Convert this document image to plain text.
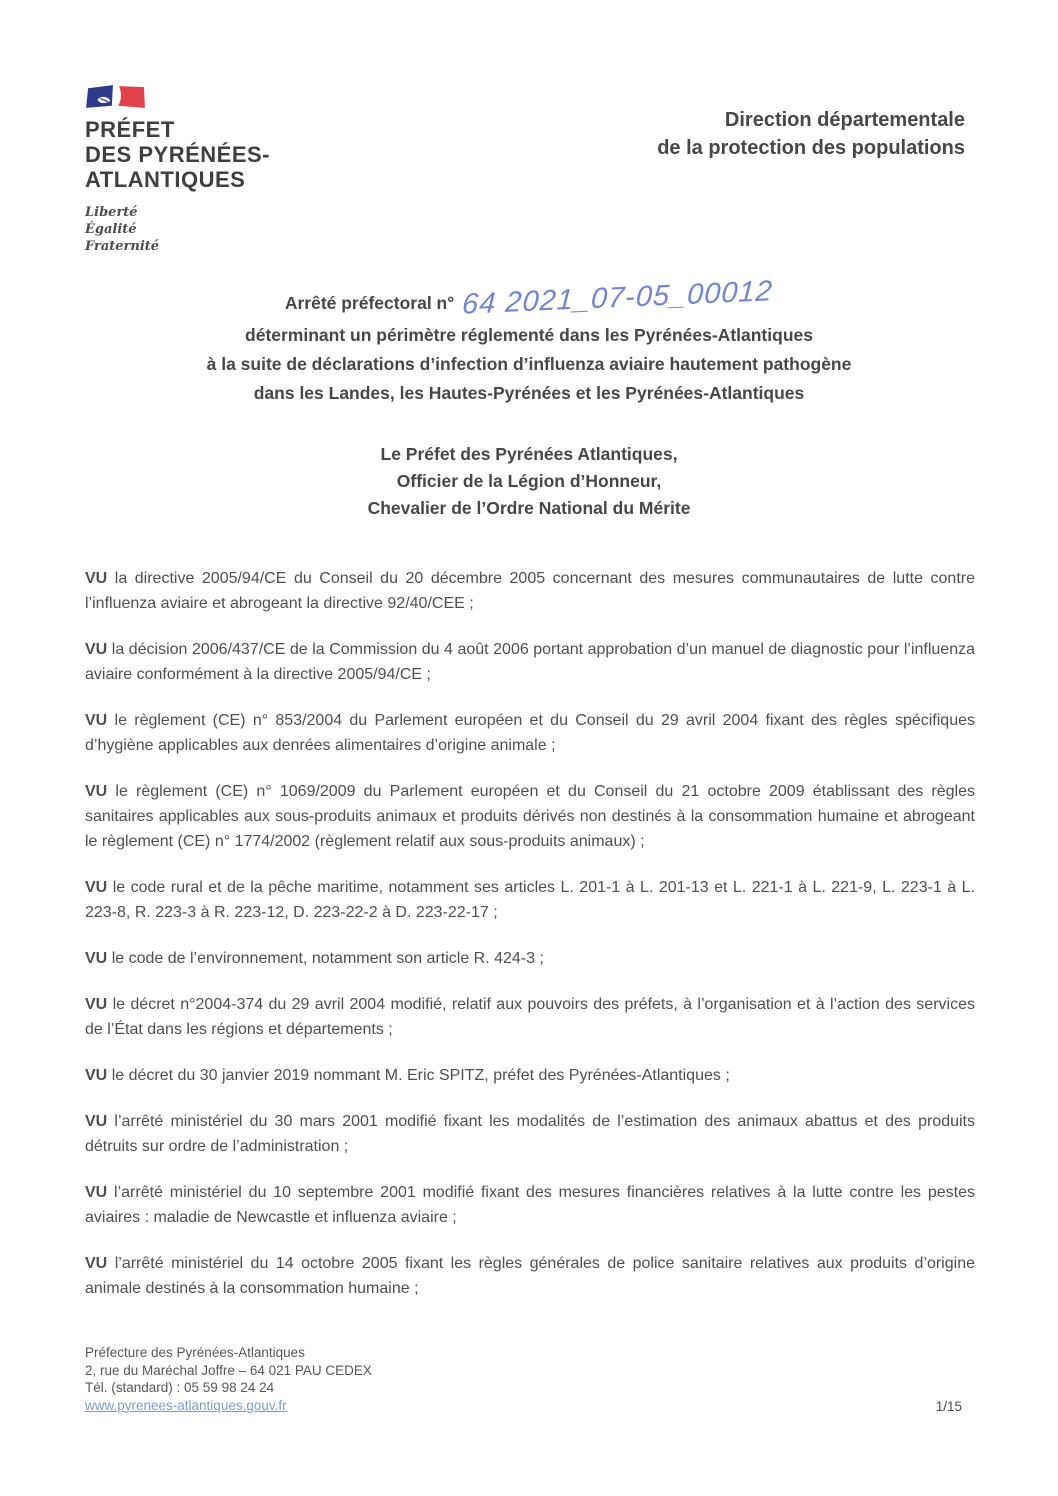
PRÉFET
DES PYRÉNÉES-
ATLANTIQUES
Liberté
Égalité
Fraternité
Direction départementale
de la protection des populations
Arrêté préfectoral n° 64 2021_07-05_00012
déterminant un périmètre réglementé dans les Pyrénées-Atlantiques
à la suite de déclarations d’infection d’influenza aviaire hautement pathogène
dans les Landes, les Hautes-Pyrénées et les Pyrénées-Atlantiques
Le Préfet des Pyrénées Atlantiques,
Officier de la Légion d’Honneur,
Chevalier de l’Ordre National du Mérite

VU la directive 2005/94/CE du Conseil du 20 décembre 2005 concernant des mesures communautaires de lutte contre l’influenza aviaire et abrogeant la directive 92/40/CEE ;

VU la décision 2006/437/CE de la Commission du 4 août 2006 portant approbation d’un manuel de diagnostic pour l’influenza aviaire conformément à la directive 2005/94/CE ;

VU le règlement (CE) n° 853/2004 du Parlement européen et du Conseil du 29 avril 2004 fixant des règles spécifiques d’hygiène applicables aux denrées alimentaires d’origine animale ;

VU le règlement (CE) n° 1069/2009 du Parlement européen et du Conseil du 21 octobre 2009 établissant des règles sanitaires applicables aux sous-produits animaux et produits dérivés non destinés à la consommation humaine et abrogeant le règlement (CE) n° 1774/2002 (règlement relatif aux sous-produits animaux) ;

VU le code rural et de la pêche maritime, notamment ses articles L. 201-1 à L. 201-13 et L. 221-1 à L. 221-9, L. 223-1 à L. 223-8, R. 223-3 à R. 223-12, D. 223-22-2 à D. 223-22-17 ;

VU le code de l’environnement, notamment son article R. 424-3 ;

VU le décret n°2004-374 du 29 avril 2004 modifié, relatif aux pouvoirs des préfets, à l’organisation et à l’action des services de l’État dans les régions et départements ;

VU le décret du 30 janvier 2019 nommant M. Eric SPITZ, préfet des Pyrénées-Atlantiques ;

VU l’arrêté ministériel du 30 mars 2001 modifié fixant les modalités de l’estimation des animaux abattus et des produits détruits sur ordre de l’administration ;

VU l’arrêté ministériel du 10 septembre 2001 modifié fixant des mesures financières relatives à la lutte contre les pestes aviaires : maladie de Newcastle et influenza aviaire ;

VU l’arrêté ministériel du 14 octobre 2005 fixant les règles générales de police sanitaire relatives aux produits d’origine animale destinés à la consommation humaine ;

Préfecture des Pyrénées-Atlantiques
2, rue du Maréchal Joffre – 64 021 PAU CEDEX
Tél. (standard) : 05 59 98 24 24
www.pyrenees-atlantiques.gouv.fr	1/15
